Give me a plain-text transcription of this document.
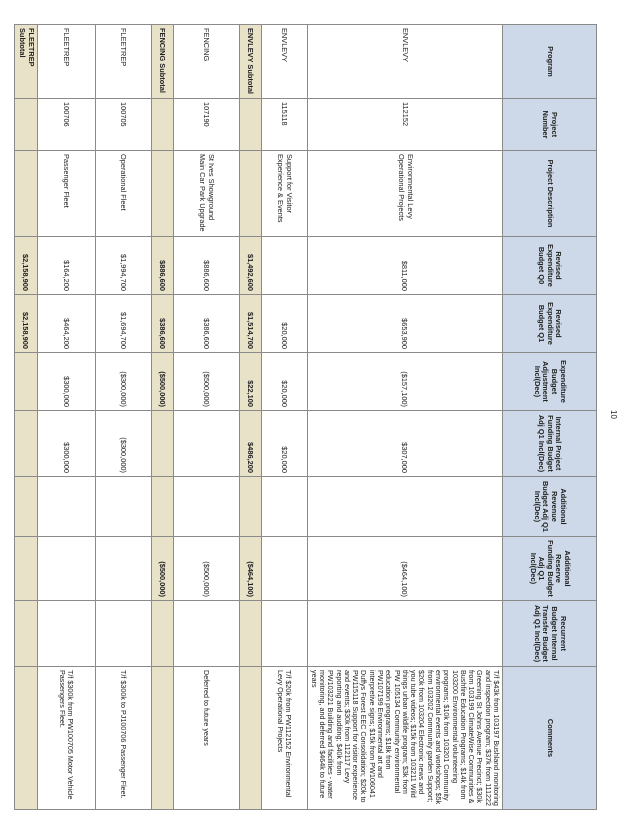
10
Program	Project Number	Project Description	Revised Expenditure Budget Q0	Revised Expenditure Budget Q1	Expenditure Budget Adjustment Incl(Dec)	Internal Project Funding Budget Adj Q1 Incl(Dec)	Additional Revenue Budget Adj Q1 Incl(Dec)	Additional Reserve Funding Budget Adj Q1 Incl(Dec)	Recurrent Budget Internal Transfer Budget Adj Q1 Incl(Dec)	Comments
ENVLEVY	112152	Environmental Levy Operational Projects	$811,000	$653,900	($157,100)	$307,000		($464,100)		T/f $43k from 103197 Bushland monitoring and inspection program; $37k from 111222 Greening St Johns Avenue Precinct; $30k from 103199 ClimateWise Communities & Bushfire Education Programs; $14k from 103200 Environmental volunteering programs; $10k from 103201 Community environmental events and workshops; $5k from 103202 Community garden Support; $20k from 103204 Electronic news and you tube videos; $15k from 103211 Wild things urban wildlife program; $3k from PW 105134 Community environmental education programs; $18k from PW107199 Environmental art and interpretive signs; $15k from PW106041 Duffys Forest EEC Consolidation; $20k to PW115118 Support for visitor experience and events; $30k from 112117 Levy reporting and auditing; $40k from PW103221 Building and facilities - water monitoring, and deferred $464k to future years
ENVLEVY	115118	Support for Visitor Experience & Events		$20,000	$20,000	$20,000				T/f $20k from PW112152 Environmental Levy Operational Projects
ENVLEVY Subtotal			$1,492,600	$1,514,700	$22,100	$486,200		($464,100)		
FENCING	107190	St Ives Showground Main Car Park Upgrade	$886,600	$386,600	($500,000)			($500,000)		Deferred to future years
FENCING Subtotal			$886,600	$386,600	($500,000)			($500,000)		
FLEETREP	100705	Operational Fleet	$1,994,700	$1,694,700	($300,000)	($300,000)				T/f $300k to PJ100706 Passenger Fleet.
FLEETREP	100706	Passenger Fleet	$164,200	$464,200	$300,000	$300,000				T/f $300k from PW100705 Motor Vehicle Passengers Fleet.
FLEETREP Subtotal			$2,158,900	$2,158,900						
